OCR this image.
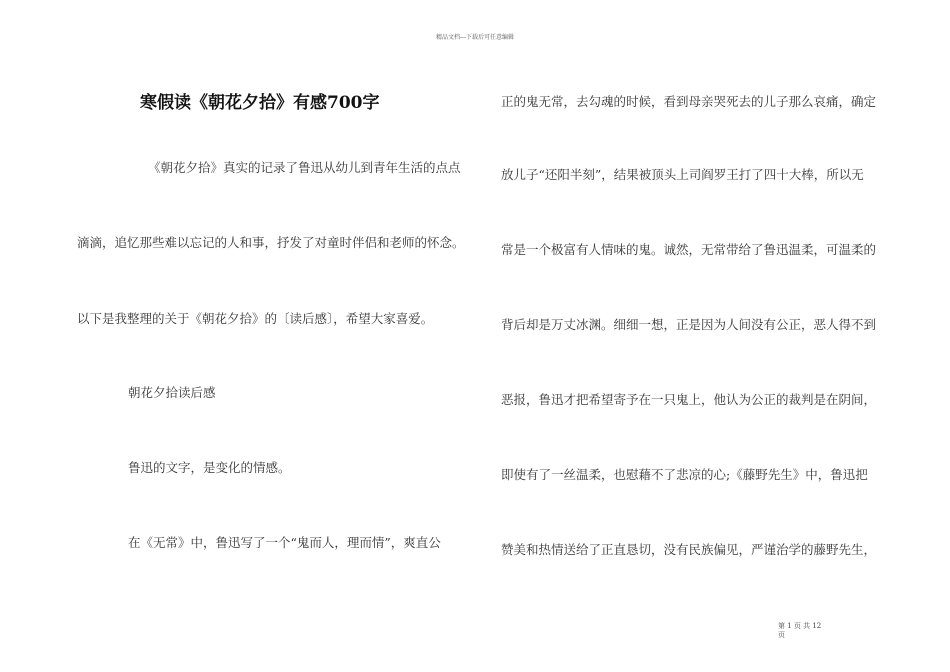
精品文档---下载后可任意编辑
寒假读《朝花夕拾》有感700字
《朝花夕拾》真实的记录了鲁迅从幼儿到青年生活的点点
滴滴，追忆那些难以忘记的人和事，抒发了对童时伴侣和老师的怀念。
以下是我整理的关于《朝花夕拾》的〔读后感〕，希望大家喜爱。
朝花夕拾读后感
鲁迅的文字，是变化的情感。
在《无常》中，鲁迅写了一个“鬼而人，理而情”，爽直公
正的鬼无常，去勾魂的时候，看到母亲哭死去的儿子那么哀痛，确定
放儿子“还阳半刻”，结果被顶头上司阎罗王打了四十大棒，所以无
常是一个极富有人情味的鬼。诚然，无常带给了鲁迅温柔，可温柔的
背后却是万丈冰渊。细细一想，正是因为人间没有公正，恶人得不到
恶报，鲁迅才把希望寄予在一只鬼上，他认为公正的裁判是在阴间，
即使有了一丝温柔，也慰藉不了悲凉的心;《藤野先生》中，鲁迅把
赞美和热情送给了正直恳切，没有民族偏见，严谨治学的藤野先生，
第 1 页 共 12
页
